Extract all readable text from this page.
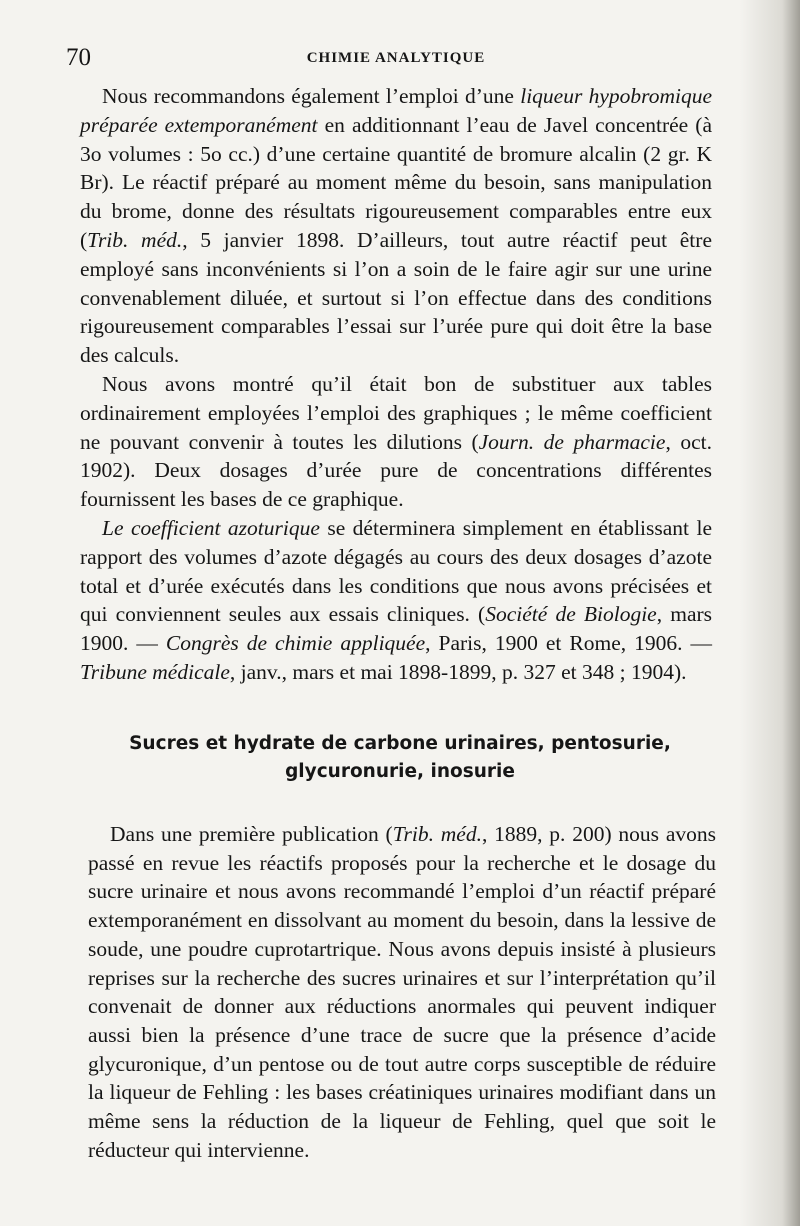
70	CHIMIE ANALYTIQUE

Nous recommandons également l’emploi d’une liqueur hypobromique préparée extemporanément en additionnant l’eau de Javel concentrée (à 3o volumes : 5o cc.) d’une certaine quantité de bromure alcalin (2 gr. K Br). Le réactif préparé au moment même du besoin, sans manipulation du brome, donne des résultats rigoureusement comparables entre eux (Trib. méd., 5 janvier 1898. D’ailleurs, tout autre réactif peut être employé sans inconvénients si l’on a soin de le faire agir sur une urine convenablement diluée, et surtout si l’on effectue dans des conditions rigoureusement comparables l’essai sur l’urée pure qui doit être la base des calculs.

Nous avons montré qu’il était bon de substituer aux tables ordinairement employées l’emploi des graphiques ; le même coefficient ne pouvant convenir à toutes les dilutions (Journ. de pharmacie, oct. 1902). Deux dosages d’urée pure de concentrations différentes fournissent les bases de ce graphique.

Le coefficient azoturique se déterminera simplement en établissant le rapport des volumes d’azote dégagés au cours des deux dosages d’azote total et d’urée exécutés dans les conditions que nous avons précisées et qui conviennent seules aux essais cliniques. (Société de Biologie, mars 1900. — Congrès de chimie appliquée, Paris, 1900 et Rome, 1906. — Tribune médicale, janv., mars et mai 1898-1899, p. 327 et 348 ; 1904).

Sucres et hydrate de carbone urinaires, pentosurie,
glycuronurie, inosurie

Dans une première publication (Trib. méd., 1889, p. 200) nous avons passé en revue les réactifs proposés pour la recherche et le dosage du sucre urinaire et nous avons recommandé l’emploi d’un réactif préparé extemporanément en dissolvant au moment du besoin, dans la lessive de soude, une poudre cuprotartrique. Nous avons depuis insisté à plusieurs reprises sur la recherche des sucres urinaires et sur l’interprétation qu’il convenait de donner aux réductions anormales qui peuvent indiquer aussi bien la présence d’une trace de sucre que la présence d’acide glycuronique, d’un pentose ou de tout autre corps susceptible de réduire la liqueur de Fehling : les bases créatiniques urinaires modifiant dans un même sens la réduction de la liqueur de Fehling, quel que soit le réducteur qui intervienne.
